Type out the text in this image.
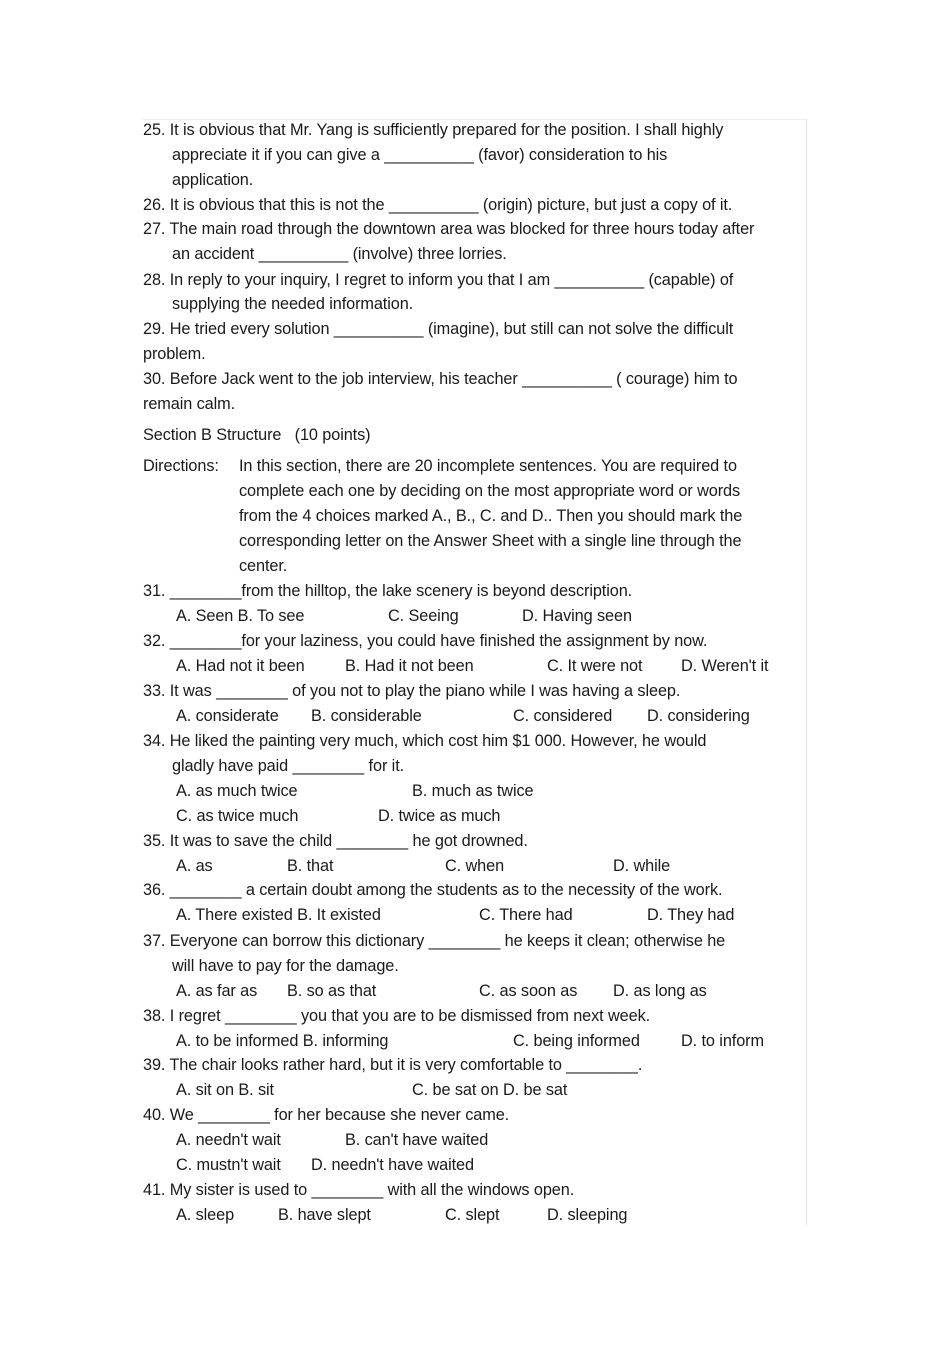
25. It is obvious that Mr. Yang is sufficiently prepared for the position. I shall highly
appreciate it if you can give a __________ (favor) consideration to his
application.
26. It is obvious that this is not the __________ (origin) picture, but just a copy of it.
27. The main road through the downtown area was blocked for three hours today after
an accident __________ (involve) three lorries.
28. In reply to your inquiry, I regret to inform you that I am __________ (capable) of
supplying the needed information.
29. He tried every solution __________ (imagine), but still can not solve the difficult
problem.
30. Before Jack went to the job interview, his teacher __________ ( courage) him to
remain calm.
Section B Structure   (10 points)
Directions: In this section, there are 20 incomplete sentences. You are required to
complete each one by deciding on the most appropriate word or words
from the 4 choices marked A., B., C. and D.. Then you should mark the
corresponding letter on the Answer Sheet with a single line through the
center.
31. ________from the hilltop, the lake scenery is beyond description.
A. Seen B. To see	C. Seeing	D. Having seen
32. ________for your laziness, you could have finished the assignment by now.
A. Had not it been B. Had it not been	C. It were not D. Weren't it
33. It was ________ of you not to play the piano while I was having a sleep.
A. considerate B. considerable	C. considered D. considering
34. He liked the painting very much, which cost him $1 000. However, he would
gladly have paid ________ for it.
A. as much twice	B. much as twice
C. as twice much	D. twice as much
35. It was to save the child ________ he got drowned.
A. as	B. that	C. when	D. while
36. ________ a certain doubt among the students as to the necessity of the work.
A. There existed B. It existed	C. There had	D. They had
37. Everyone can borrow this dictionary ________ he keeps it clean; otherwise he
will have to pay for the damage.
A. as far as B. so as that	C. as soon as D. as long as
38. I regret ________ you that you are to be dismissed from next week.
A. to be informed B. informing	C. being informed	D. to inform
39. The chair looks rather hard, but it is very comfortable to ________.
A. sit on B. sit	C. be sat on D. be sat
40. We ________ for her because she never came.
A. needn't wait	B. can't have waited
C. mustn't wait D. needn't have waited
41. My sister is used to ________ with all the windows open.
A. sleep	B. have slept	C. slept	D. sleeping
